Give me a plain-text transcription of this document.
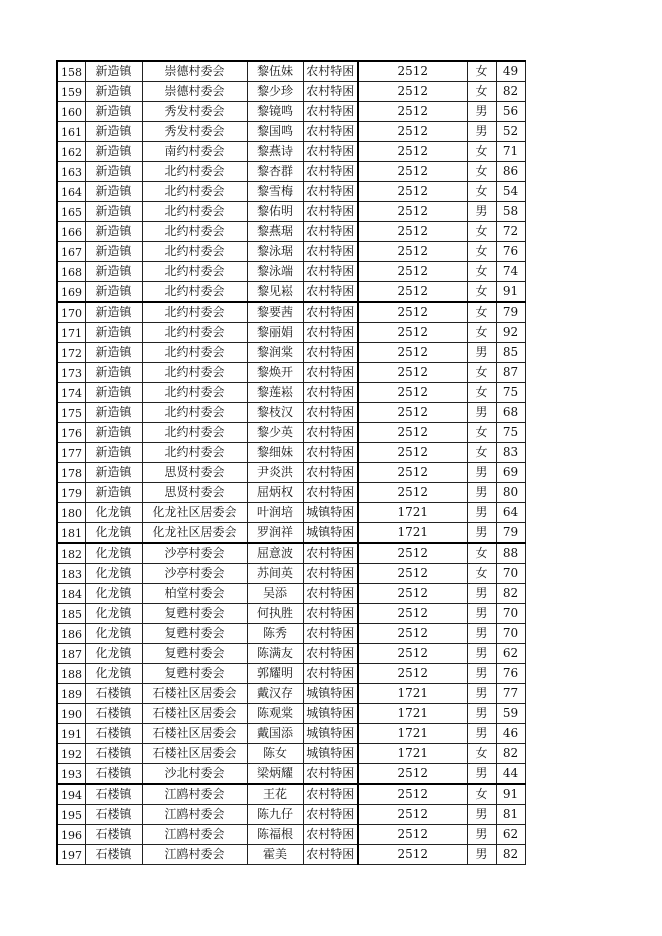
158	新造镇	崇德村委会	黎伍妹	农村特困	2512	女	49
159	新造镇	崇德村委会	黎少珍	农村特困	2512	女	82
160	新造镇	秀发村委会	黎镜鸣	农村特困	2512	男	56
161	新造镇	秀发村委会	黎国鸣	农村特困	2512	男	52
162	新造镇	南约村委会	黎燕诗	农村特困	2512	女	71
163	新造镇	北约村委会	黎杏群	农村特困	2512	女	86
164	新造镇	北约村委会	黎雪梅	农村特困	2512	女	54
165	新造镇	北约村委会	黎佑明	农村特困	2512	男	58
166	新造镇	北约村委会	黎燕琚	农村特困	2512	女	72
167	新造镇	北约村委会	黎泳琚	农村特困	2512	女	76
168	新造镇	北约村委会	黎泳端	农村特困	2512	女	74
169	新造镇	北约村委会	黎见崧	农村特困	2512	女	91
170	新造镇	北约村委会	黎要茜	农村特困	2512	女	79
171	新造镇	北约村委会	黎丽娟	农村特困	2512	女	92
172	新造镇	北约村委会	黎润棠	农村特困	2512	男	85
173	新造镇	北约村委会	黎焕开	农村特困	2512	女	87
174	新造镇	北约村委会	黎莲崧	农村特困	2512	女	75
175	新造镇	北约村委会	黎枝汉	农村特困	2512	男	68
176	新造镇	北约村委会	黎少英	农村特困	2512	女	75
177	新造镇	北约村委会	黎细妹	农村特困	2512	女	83
178	新造镇	思贤村委会	尹炎洪	农村特困	2512	男	69
179	新造镇	思贤村委会	屈炳权	农村特困	2512	男	80
180	化龙镇	化龙社区居委会	叶润培	城镇特困	1721	男	64
181	化龙镇	化龙社区居委会	罗润祥	城镇特困	1721	男	79
182	化龙镇	沙亭村委会	屈意波	农村特困	2512	女	88
183	化龙镇	沙亭村委会	苏间英	农村特困	2512	女	70
184	化龙镇	柏堂村委会	吴添	农村特困	2512	男	82
185	化龙镇	复甦村委会	何执胜	农村特困	2512	男	70
186	化龙镇	复甦村委会	陈秀	农村特困	2512	男	70
187	化龙镇	复甦村委会	陈满友	农村特困	2512	男	62
188	化龙镇	复甦村委会	郭耀明	农村特困	2512	男	76
189	石楼镇	石楼社区居委会	戴汉存	城镇特困	1721	男	77
190	石楼镇	石楼社区居委会	陈观棠	城镇特困	1721	男	59
191	石楼镇	石楼社区居委会	戴国添	城镇特困	1721	男	46
192	石楼镇	石楼社区居委会	陈女	城镇特困	1721	女	82
193	石楼镇	沙北村委会	梁炳耀	农村特困	2512	男	44
194	石楼镇	江鸥村委会	王花	农村特困	2512	女	91
195	石楼镇	江鸥村委会	陈九仔	农村特困	2512	男	81
196	石楼镇	江鸥村委会	陈福根	农村特困	2512	男	62
197	石楼镇	江鸥村委会	霍美	农村特困	2512	男	82
